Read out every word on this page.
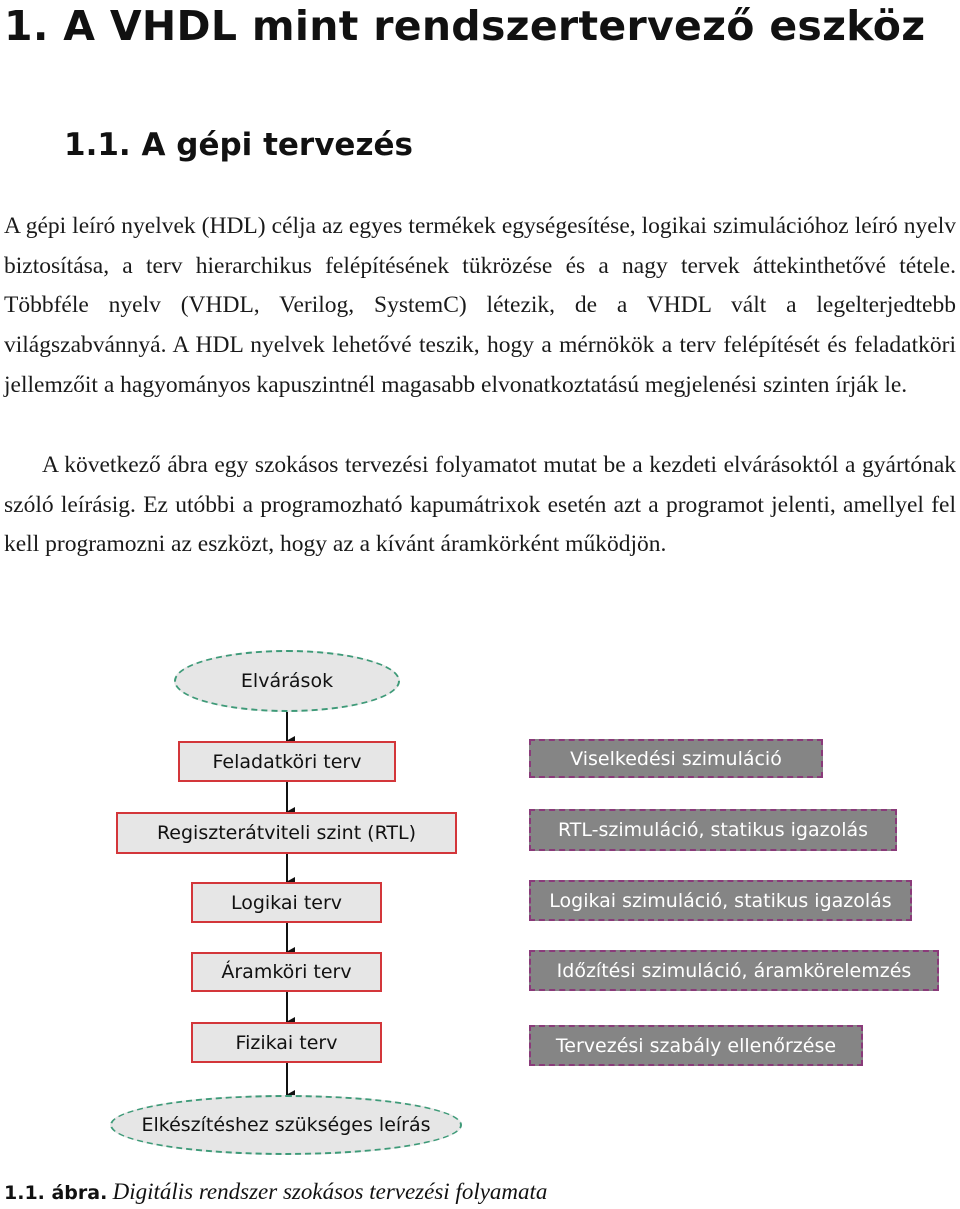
1. A VHDL mint rendszertervező eszköz
1.1. A gépi tervezés

A gépi leíró nyelvek (HDL) célja az egyes termékek egységesítése, logikai szimulációhoz leíró nyelv biztosítása, a terv hierarchikus felépítésének tükrözése és a nagy tervek áttekinthetővé tétele. Többféle nyelv (VHDL, Verilog, SystemC) létezik, de a VHDL vált a legelterjedtebb világszabvánnyá. A HDL nyelvek lehetővé teszik, hogy a mérnökök a terv felépítését és feladatköri jellemzőit a hagyományos kapuszintnél magasabb elvonatkoztatású megjelenési szinten írják le.

A következő ábra egy szokásos tervezési folyamatot mutat be a kezdeti elvárásoktól a gyártónak szóló leírásig. Ez utóbbi a programozható kapumátrixok esetén azt a programot jelenti, amellyel fel kell programozni az eszközt, hogy az a kívánt áramkörként működjön.

Elvárások
Feladatköri terv
Regiszterátviteli szint (RTL)
Logikai terv
Áramköri terv
Fizikai terv
Elkészítéshez szükséges leírás
Viselkedési szimuláció
RTL-szimuláció, statikus igazolás
Logikai szimuláció, statikus igazolás
Időzítési szimuláció, áramkörelemzés
Tervezési szabály ellenőrzése
1.1. ábra. Digitális rendszer szokásos tervezési folyamata
